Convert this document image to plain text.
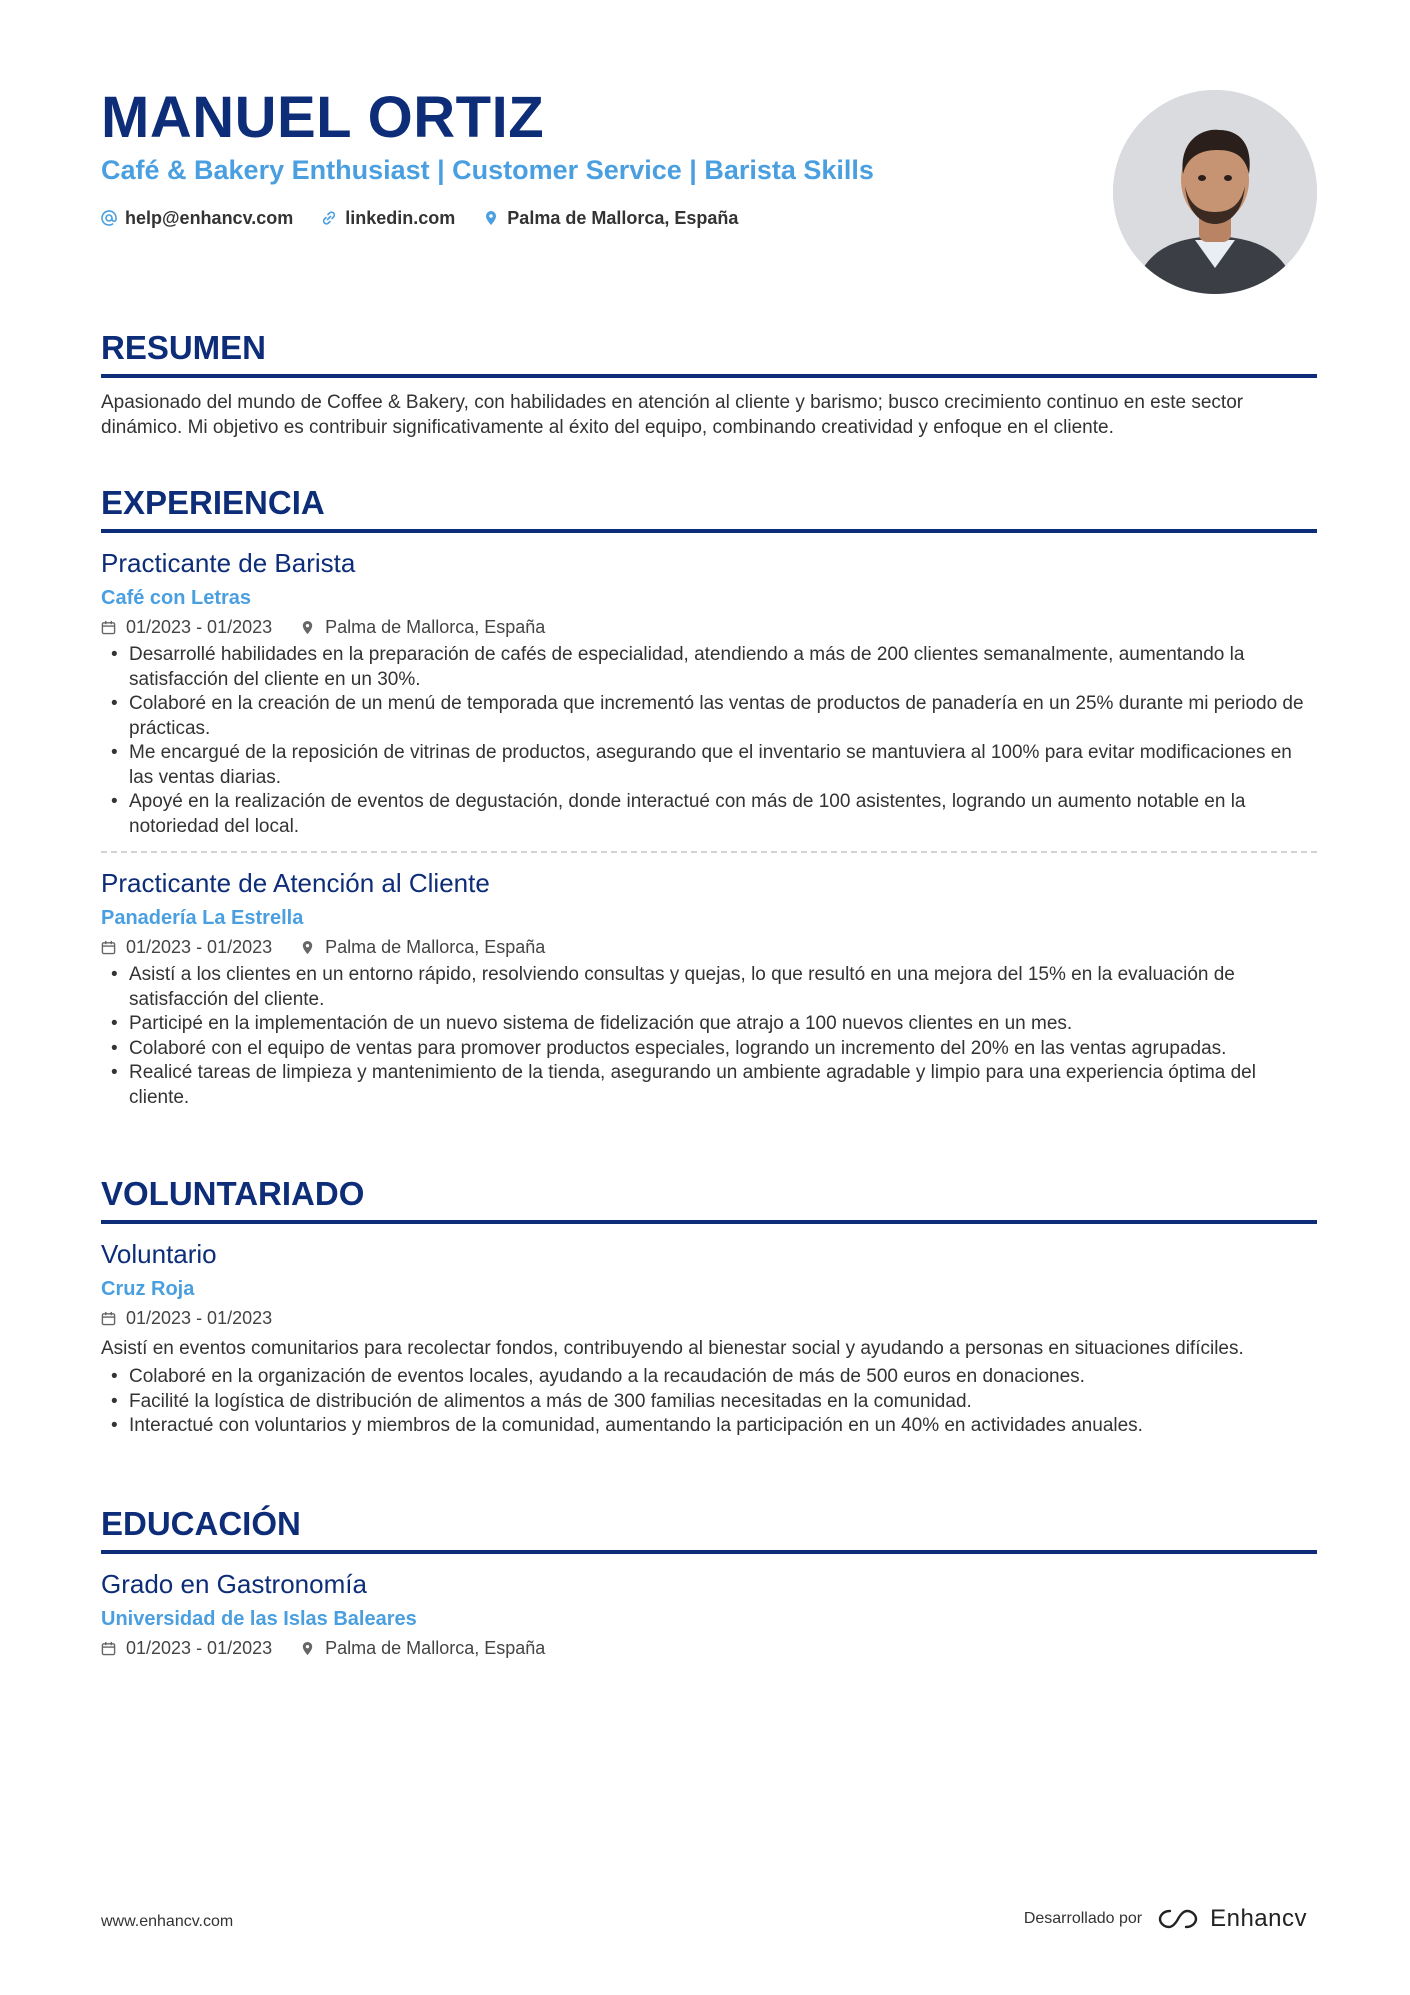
MANUEL ORTIZ
Café & Bakery Enthusiast | Customer Service | Barista Skills
help@enhancv.com	linkedin.com	Palma de Mallorca, España
RESUMEN
Apasionado del mundo de Coffee & Bakery, con habilidades en atención al cliente y barismo; busco crecimiento continuo en este sector dinámico. Mi objetivo es contribuir significativamente al éxito del equipo, combinando creatividad y enfoque en el cliente.
EXPERIENCIA
Practicante de Barista
Café con Letras
01/2023 - 01/2023	Palma de Mallorca, España
• Desarrollé habilidades en la preparación de cafés de especialidad, atendiendo a más de 200 clientes semanalmente, aumentando la satisfacción del cliente en un 30%.
• Colaboré en la creación de un menú de temporada que incrementó las ventas de productos de panadería en un 25% durante mi periodo de prácticas.
• Me encargué de la reposición de vitrinas de productos, asegurando que el inventario se mantuviera al 100% para evitar modificaciones en las ventas diarias.
• Apoyé en la realización de eventos de degustación, donde interactué con más de 100 asistentes, logrando un aumento notable en la notoriedad del local.
Practicante de Atención al Cliente
Panadería La Estrella
01/2023 - 01/2023	Palma de Mallorca, España
• Asistí a los clientes en un entorno rápido, resolviendo consultas y quejas, lo que resultó en una mejora del 15% en la evaluación de satisfacción del cliente.
• Participé en la implementación de un nuevo sistema de fidelización que atrajo a 100 nuevos clientes en un mes.
• Colaboré con el equipo de ventas para promover productos especiales, logrando un incremento del 20% en las ventas agrupadas.
• Realicé tareas de limpieza y mantenimiento de la tienda, asegurando un ambiente agradable y limpio para una experiencia óptima del cliente.
VOLUNTARIADO
Voluntario
Cruz Roja
01/2023 - 01/2023
Asistí en eventos comunitarios para recolectar fondos, contribuyendo al bienestar social y ayudando a personas en situaciones difíciles.
• Colaboré en la organización de eventos locales, ayudando a la recaudación de más de 500 euros en donaciones.
• Facilité la logística de distribución de alimentos a más de 300 familias necesitadas en la comunidad.
• Interactué con voluntarios y miembros de la comunidad, aumentando la participación en un 40% en actividades anuales.
EDUCACIÓN
Grado en Gastronomía
Universidad de las Islas Baleares
01/2023 - 01/2023	Palma de Mallorca, España
www.enhancv.com	Desarrollado por	Enhancv
